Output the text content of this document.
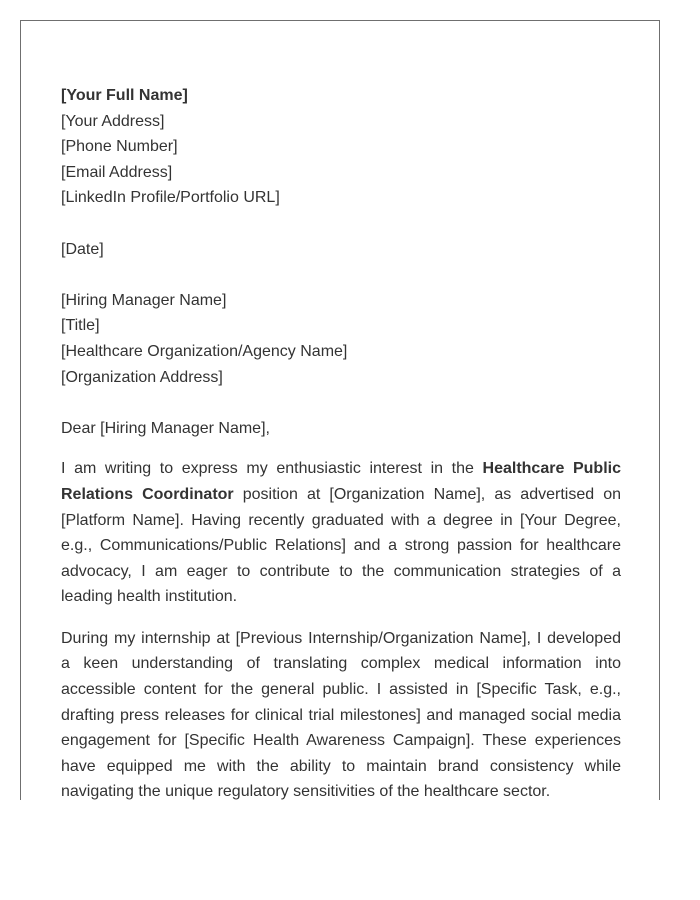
[Your Full Name]
[Your Address]
[Phone Number]
[Email Address]
[LinkedIn Profile/Portfolio URL]
[Date]
[Hiring Manager Name]
[Title]
[Healthcare Organization/Agency Name]
[Organization Address]
Dear [Hiring Manager Name],

I am writing to express my enthusiastic interest in the Healthcare Public Relations Coordinator position at [Organization Name], as advertised on [Platform Name]. Having recently graduated with a degree in [Your Degree, e.g., Communications/Public Relations] and a strong passion for healthcare advocacy, I am eager to contribute to the communication strategies of a leading health institution.

During my internship at [Previous Internship/Organization Name], I developed a keen understanding of translating complex medical information into accessible content for the general public. I assisted in [Specific Task, e.g., drafting press releases for clinical trial milestones] and managed social media engagement for [Specific Health Awareness Campaign]. These experiences have equipped me with the ability to maintain brand consistency while navigating the unique regulatory sensitivities of the healthcare sector.
